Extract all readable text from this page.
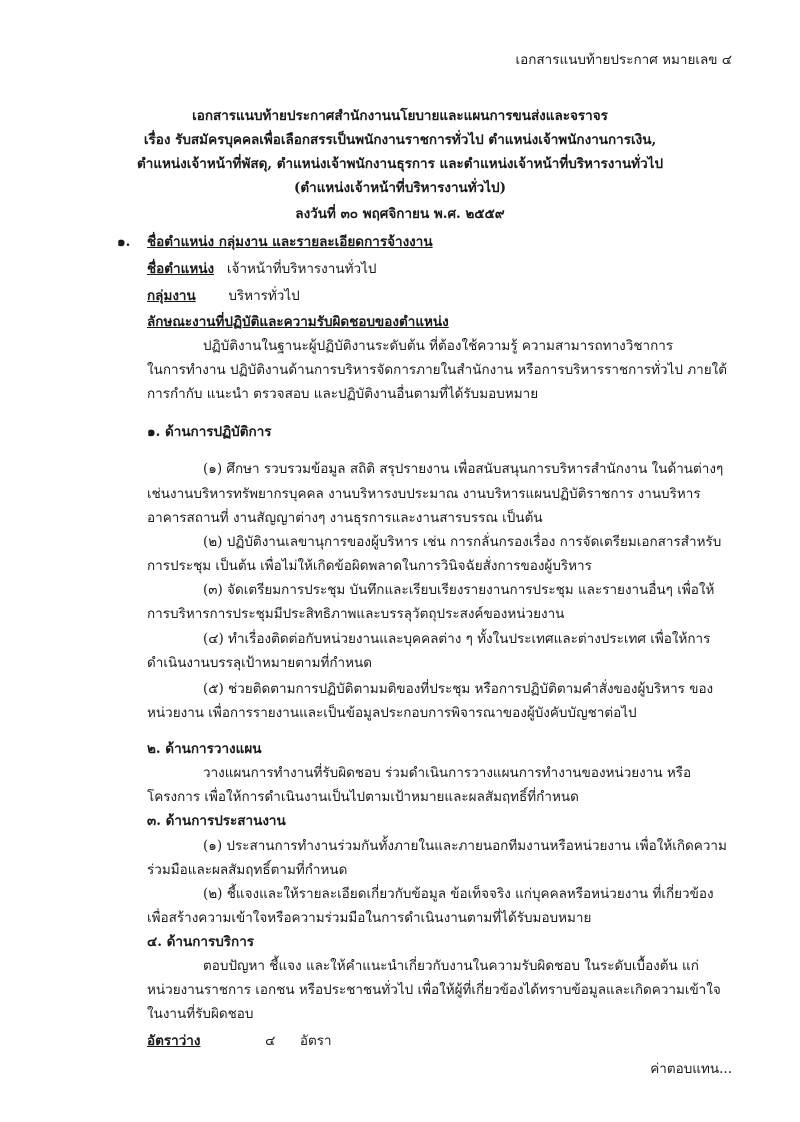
เอกสารแนบท้ายประกาศ หมายเลข ๔
เอกสารแนบท้ายประกาศสำนักงานนโยบายและแผนการขนส่งและจราจร
เรื่อง รับสมัครบุคคลเพื่อเลือกสรรเป็นพนักงานราชการทั่วไป ตำแหน่งเจ้าพนักงานการเงิน,
ตำแหน่งเจ้าหน้าที่พัสดุ, ตำแหน่งเจ้าพนักงานธุรการ และตำแหน่งเจ้าหน้าที่บริหารงานทั่วไป
(ตำแหน่งเจ้าหน้าที่บริหารงานทั่วไป)
ลงวันที่ ๓๐ พฤศจิกายน พ.ศ. ๒๕๕๙
๑. ชื่อตำแหน่ง กลุ่มงาน และรายละเอียดการจ้างงาน
ชื่อตำแหน่ง เจ้าหน้าที่บริหารงานทั่วไป
กลุ่มงาน บริหารทั่วไป
ลักษณะงานที่ปฏิบัติและความรับผิดชอบของตำแหน่ง
ปฏิบัติงานในฐานะผู้ปฏิบัติงานระดับต้น ที่ต้องใช้ความรู้ ความสามารถทางวิชาการ
ในการทำงาน ปฏิบัติงานด้านการบริหารจัดการภายในสำนักงาน หรือการบริหารราชการทั่วไป ภายใต้
การกำกับ แนะนำ ตรวจสอบ และปฏิบัติงานอื่นตามที่ได้รับมอบหมาย
๑. ด้านการปฏิบัติการ
(๑) ศึกษา รวบรวมข้อมูล สถิติ สรุปรายงาน เพื่อสนับสนุนการบริหารสำนักงาน ในด้านต่างๆ
เช่นงานบริหารทรัพยากรบุคคล งานบริหารงบประมาณ งานบริหารแผนปฏิบัติราชการ งานบริหาร
อาคารสถานที่ งานสัญญาต่างๆ งานธุรการและงานสารบรรณ เป็นต้น
(๒) ปฏิบัติงานเลขานุการของผู้บริหาร เช่น การกลั่นกรองเรื่อง การจัดเตรียมเอกสารสำหรับ
การประชุม เป็นต้น เพื่อไม่ให้เกิดข้อผิดพลาดในการวินิจฉัยสั่งการของผู้บริหาร
(๓) จัดเตรียมการประชุม บันทึกและเรียบเรียงรายงานการประชุม และรายงานอื่นๆ เพื่อให้
การบริหารการประชุมมีประสิทธิภาพและบรรลุวัตถุประสงค์ของหน่วยงาน
(๔) ทำเรื่องติดต่อกับหน่วยงานและบุคคลต่าง ๆ ทั้งในประเทศและต่างประเทศ เพื่อให้การ
ดำเนินงานบรรลุเป้าหมายตามที่กำหนด
(๕) ช่วยติดตามการปฏิบัติตามมติของที่ประชุม หรือการปฏิบัติตามคำสั่งของผู้บริหาร ของ
หน่วยงาน เพื่อการรายงานและเป็นข้อมูลประกอบการพิจารณาของผู้บังคับบัญชาต่อไป
๒. ด้านการวางแผน
วางแผนการทำงานที่รับผิดชอบ ร่วมดำเนินการวางแผนการทำงานของหน่วยงาน หรือ
โครงการ เพื่อให้การดำเนินงานเป็นไปตามเป้าหมายและผลสัมฤทธิ์ที่กำหนด
๓. ด้านการประสานงาน
(๑) ประสานการทำงานร่วมกันทั้งภายในและภายนอกทีมงานหรือหน่วยงาน เพื่อให้เกิดความ
ร่วมมือและผลสัมฤทธิ์ตามที่กำหนด
(๒) ชี้แจงและให้รายละเอียดเกี่ยวกับข้อมูล ข้อเท็จจริง แก่บุคคลหรือหน่วยงาน ที่เกี่ยวข้อง
เพื่อสร้างความเข้าใจหรือความร่วมมือในการดำเนินงานตามที่ได้รับมอบหมาย
๔. ด้านการบริการ
ตอบปัญหา ชี้แจง และให้คำแนะนำเกี่ยวกับงานในความรับผิดชอบ ในระดับเบื้องต้น แก่
หน่วยงานราชการ เอกชน หรือประชาชนทั่วไป เพื่อให้ผู้ที่เกี่ยวข้องได้ทราบข้อมูลและเกิดความเข้าใจ
ในงานที่รับผิดชอบ
อัตราว่าง	๔ อัตรา
ค่าตอบแทน...
